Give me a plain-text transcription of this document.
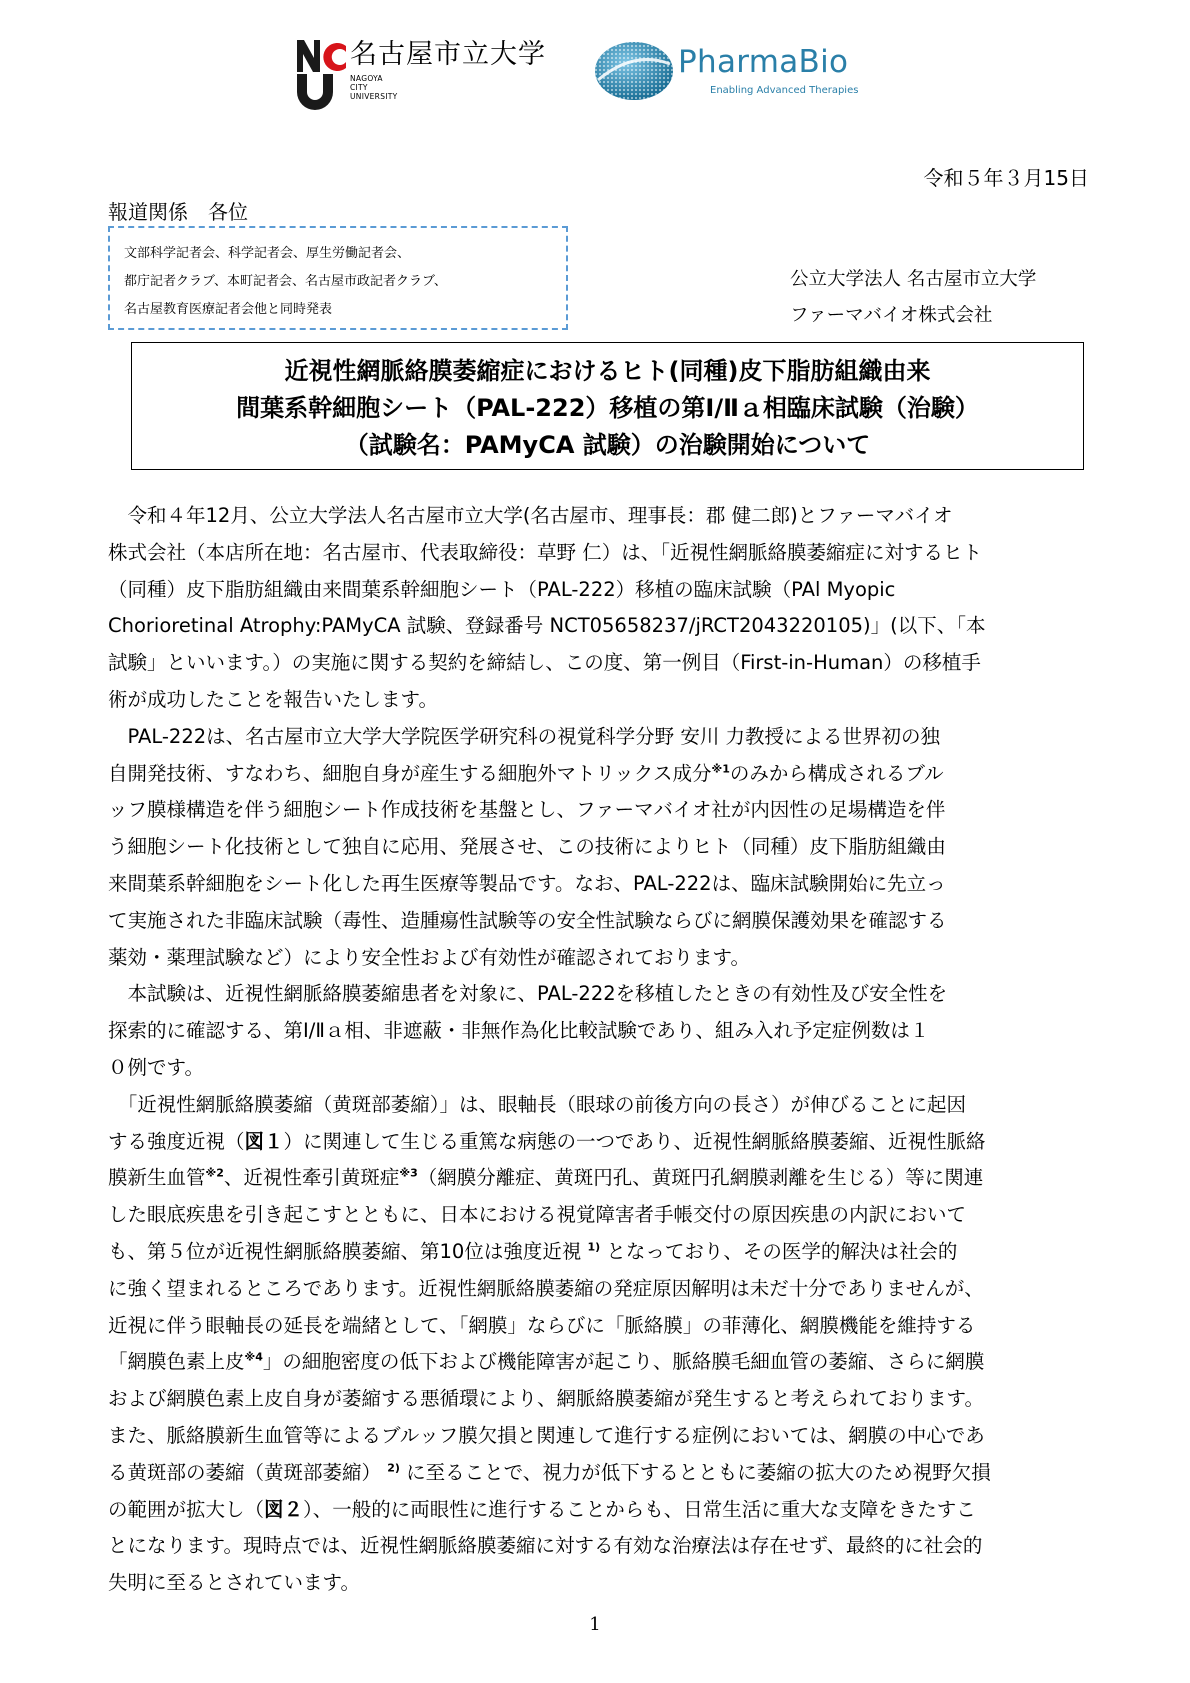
名古屋市立大学
NAGOYA
CITY
UNIVERSITY
PharmaBio
Enabling Advanced Therapies
令和５年３月15日
報道関係　各位
文部科学記者会、科学記者会、厚生労働記者会、
都庁記者クラブ、本町記者会、名古屋市政記者クラブ、
名古屋教育医療記者会他と同時発表
公立大学法人 名古屋市立大学
ファーマバイオ株式会社
近視性網脈絡膜萎縮症におけるヒト(同種)皮下脂肪組織由来
間葉系幹細胞シート（PAL-222）移植の第Ⅰ/Ⅱａ相臨床試験（治験）
（試験名：PAMyCA 試験）の治験開始について

　令和４年12月、公立大学法人名古屋市立大学(名古屋市、理事長：郡 健二郎)とファーマバイオ
株式会社（本店所在地：名古屋市、代表取締役：草野 仁）は、「近視性網脈絡膜萎縮症に対するヒト
（同種）皮下脂肪組織由来間葉系幹細胞シート（PAL-222）移植の臨床試験（PAl Myopic
Chorioretinal Atrophy:PAMyCA 試験、登録番号 NCT05658237/jRCT2043220105)」(以下、「本
試験」といいます。）の実施に関する契約を締結し、この度、第一例目（First-in-Human）の移植手
術が成功したことを報告いたします。

　PAL-222は、名古屋市立大学大学院医学研究科の視覚科学分野 安川 力教授による世界初の独
自開発技術、すなわち、細胞自身が産生する細胞外マトリックス成分$^{※1}$のみから構成されるブル
ッフ膜様構造を伴う細胞シート作成技術を基盤とし、ファーマバイオ社が内因性の足場構造を伴
う細胞シート化技術として独自に応用、発展させ、この技術によりヒト（同種）皮下脂肪組織由
来間葉系幹細胞をシート化した再生医療等製品です。なお、PAL-222は、臨床試験開始に先立っ
て実施された非臨床試験（毒性、造腫瘍性試験等の安全性試験ならびに網膜保護効果を確認する
薬効・薬理試験など）により安全性および有効性が確認されております。

　本試験は、近視性網脈絡膜萎縮患者を対象に、PAL-222を移植したときの有効性及び安全性を
探索的に確認する、第Ⅰ/Ⅱａ相、非遮蔽・非無作為化比較試験であり、組み入れ予定症例数は１
０例です。

　「近視性網脈絡膜萎縮（黄斑部萎縮）」は、眼軸長（眼球の前後方向の長さ）が伸びることに起因
する強度近視（図１）に関連して生じる重篤な病態の一つであり、近視性網脈絡膜萎縮、近視性脈絡
膜新生血管$^{※2}$、近視性牽引黄斑症$^{※3}$（網膜分離症、黄斑円孔、黄斑円孔網膜剥離を生じる）等に関連
した眼底疾患を引き起こすとともに、日本における視覚障害者手帳交付の原因疾患の内訳において
も、第５位が近視性網脈絡膜萎縮、第10位は強度近視 $^{1)}$ となっており、その医学的解決は社会的
に強く望まれるところであります。近視性網脈絡膜萎縮の発症原因解明は未だ十分でありませんが、
近視に伴う眼軸長の延長を端緒として、「網膜」ならびに「脈絡膜」の菲薄化、網膜機能を維持する
「網膜色素上皮$^{※4}$」の細胞密度の低下および機能障害が起こり、脈絡膜毛細血管の萎縮、さらに網膜
および網膜色素上皮自身が萎縮する悪循環により、網脈絡膜萎縮が発生すると考えられております。
また、脈絡膜新生血管等によるブルッフ膜欠損と関連して進行する症例においては、網膜の中心であ
る黄斑部の萎縮（黄斑部萎縮） $^{2)}$ に至ることで、視力が低下するとともに萎縮の拡大のため視野欠損
の範囲が拡大し（図２）、一般的に両眼性に進行することからも、日常生活に重大な支障をきたすこ
とになります。現時点では、近視性網脈絡膜萎縮に対する有効な治療法は存在せず、最終的に社会的
失明に至るとされています。

1
